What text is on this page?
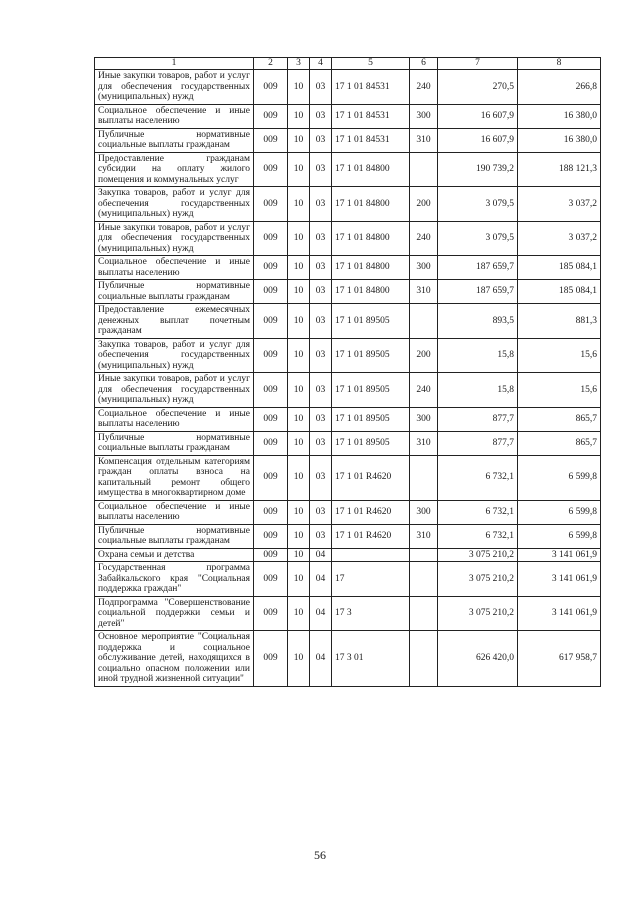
1	2	3	4	5	6	7	8
Иные закупки товаров, работ и услуг для обеспечения государственных (муниципальных) нужд	009	10	03	17 1 01 84531	240	270,5	266,8
Социальное обеспечение и иные выплаты населению	009	10	03	17 1 01 84531	300	16 607,9	16 380,0
Публичные нормативные социальные выплаты гражданам	009	10	03	17 1 01 84531	310	16 607,9	16 380,0
Предоставление гражданам субсидии на оплату жилого помещения и коммунальных услуг	009	10	03	17 1 01 84800		190 739,2	188 121,3
Закупка товаров, работ и услуг для обеспечения государственных (муниципальных) нужд	009	10	03	17 1 01 84800	200	3 079,5	3 037,2
Иные закупки товаров, работ и услуг для обеспечения государственных (муниципальных) нужд	009	10	03	17 1 01 84800	240	3 079,5	3 037,2
Социальное обеспечение и иные выплаты населению	009	10	03	17 1 01 84800	300	187 659,7	185 084,1
Публичные нормативные социальные выплаты гражданам	009	10	03	17 1 01 84800	310	187 659,7	185 084,1
Предоставление ежемесячных денежных выплат почетным гражданам	009	10	03	17 1 01 89505		893,5	881,3
Закупка товаров, работ и услуг для обеспечения государственных (муниципальных) нужд	009	10	03	17 1 01 89505	200	15,8	15,6
Иные закупки товаров, работ и услуг для обеспечения государственных (муниципальных) нужд	009	10	03	17 1 01 89505	240	15,8	15,6
Социальное обеспечение и иные выплаты населению	009	10	03	17 1 01 89505	300	877,7	865,7
Публичные нормативные социальные выплаты гражданам	009	10	03	17 1 01 89505	310	877,7	865,7
Компенсация отдельным категориям граждан оплаты взноса на капитальный ремонт общего имущества в многоквартирном доме	009	10	03	17 1 01 R4620		6 732,1	6 599,8
Социальное обеспечение и иные выплаты населению	009	10	03	17 1 01 R4620	300	6 732,1	6 599,8
Публичные нормативные социальные выплаты гражданам	009	10	03	17 1 01 R4620	310	6 732,1	6 599,8
Охрана семьи и детства	009	10	04			3 075 210,2	3 141 061,9
Государственная программа Забайкальского края "Социальная поддержка граждан"	009	10	04	17		3 075 210,2	3 141 061,9
Подпрограмма "Совершенствование социальной поддержки семьи и детей"	009	10	04	17 3		3 075 210,2	3 141 061,9
Основное мероприятие "Социальная поддержка и социальное обслуживание детей, находящихся в социально опасном положении или иной трудной жизненной ситуации"	009	10	04	17 3 01		626 420,0	617 958,7
56
